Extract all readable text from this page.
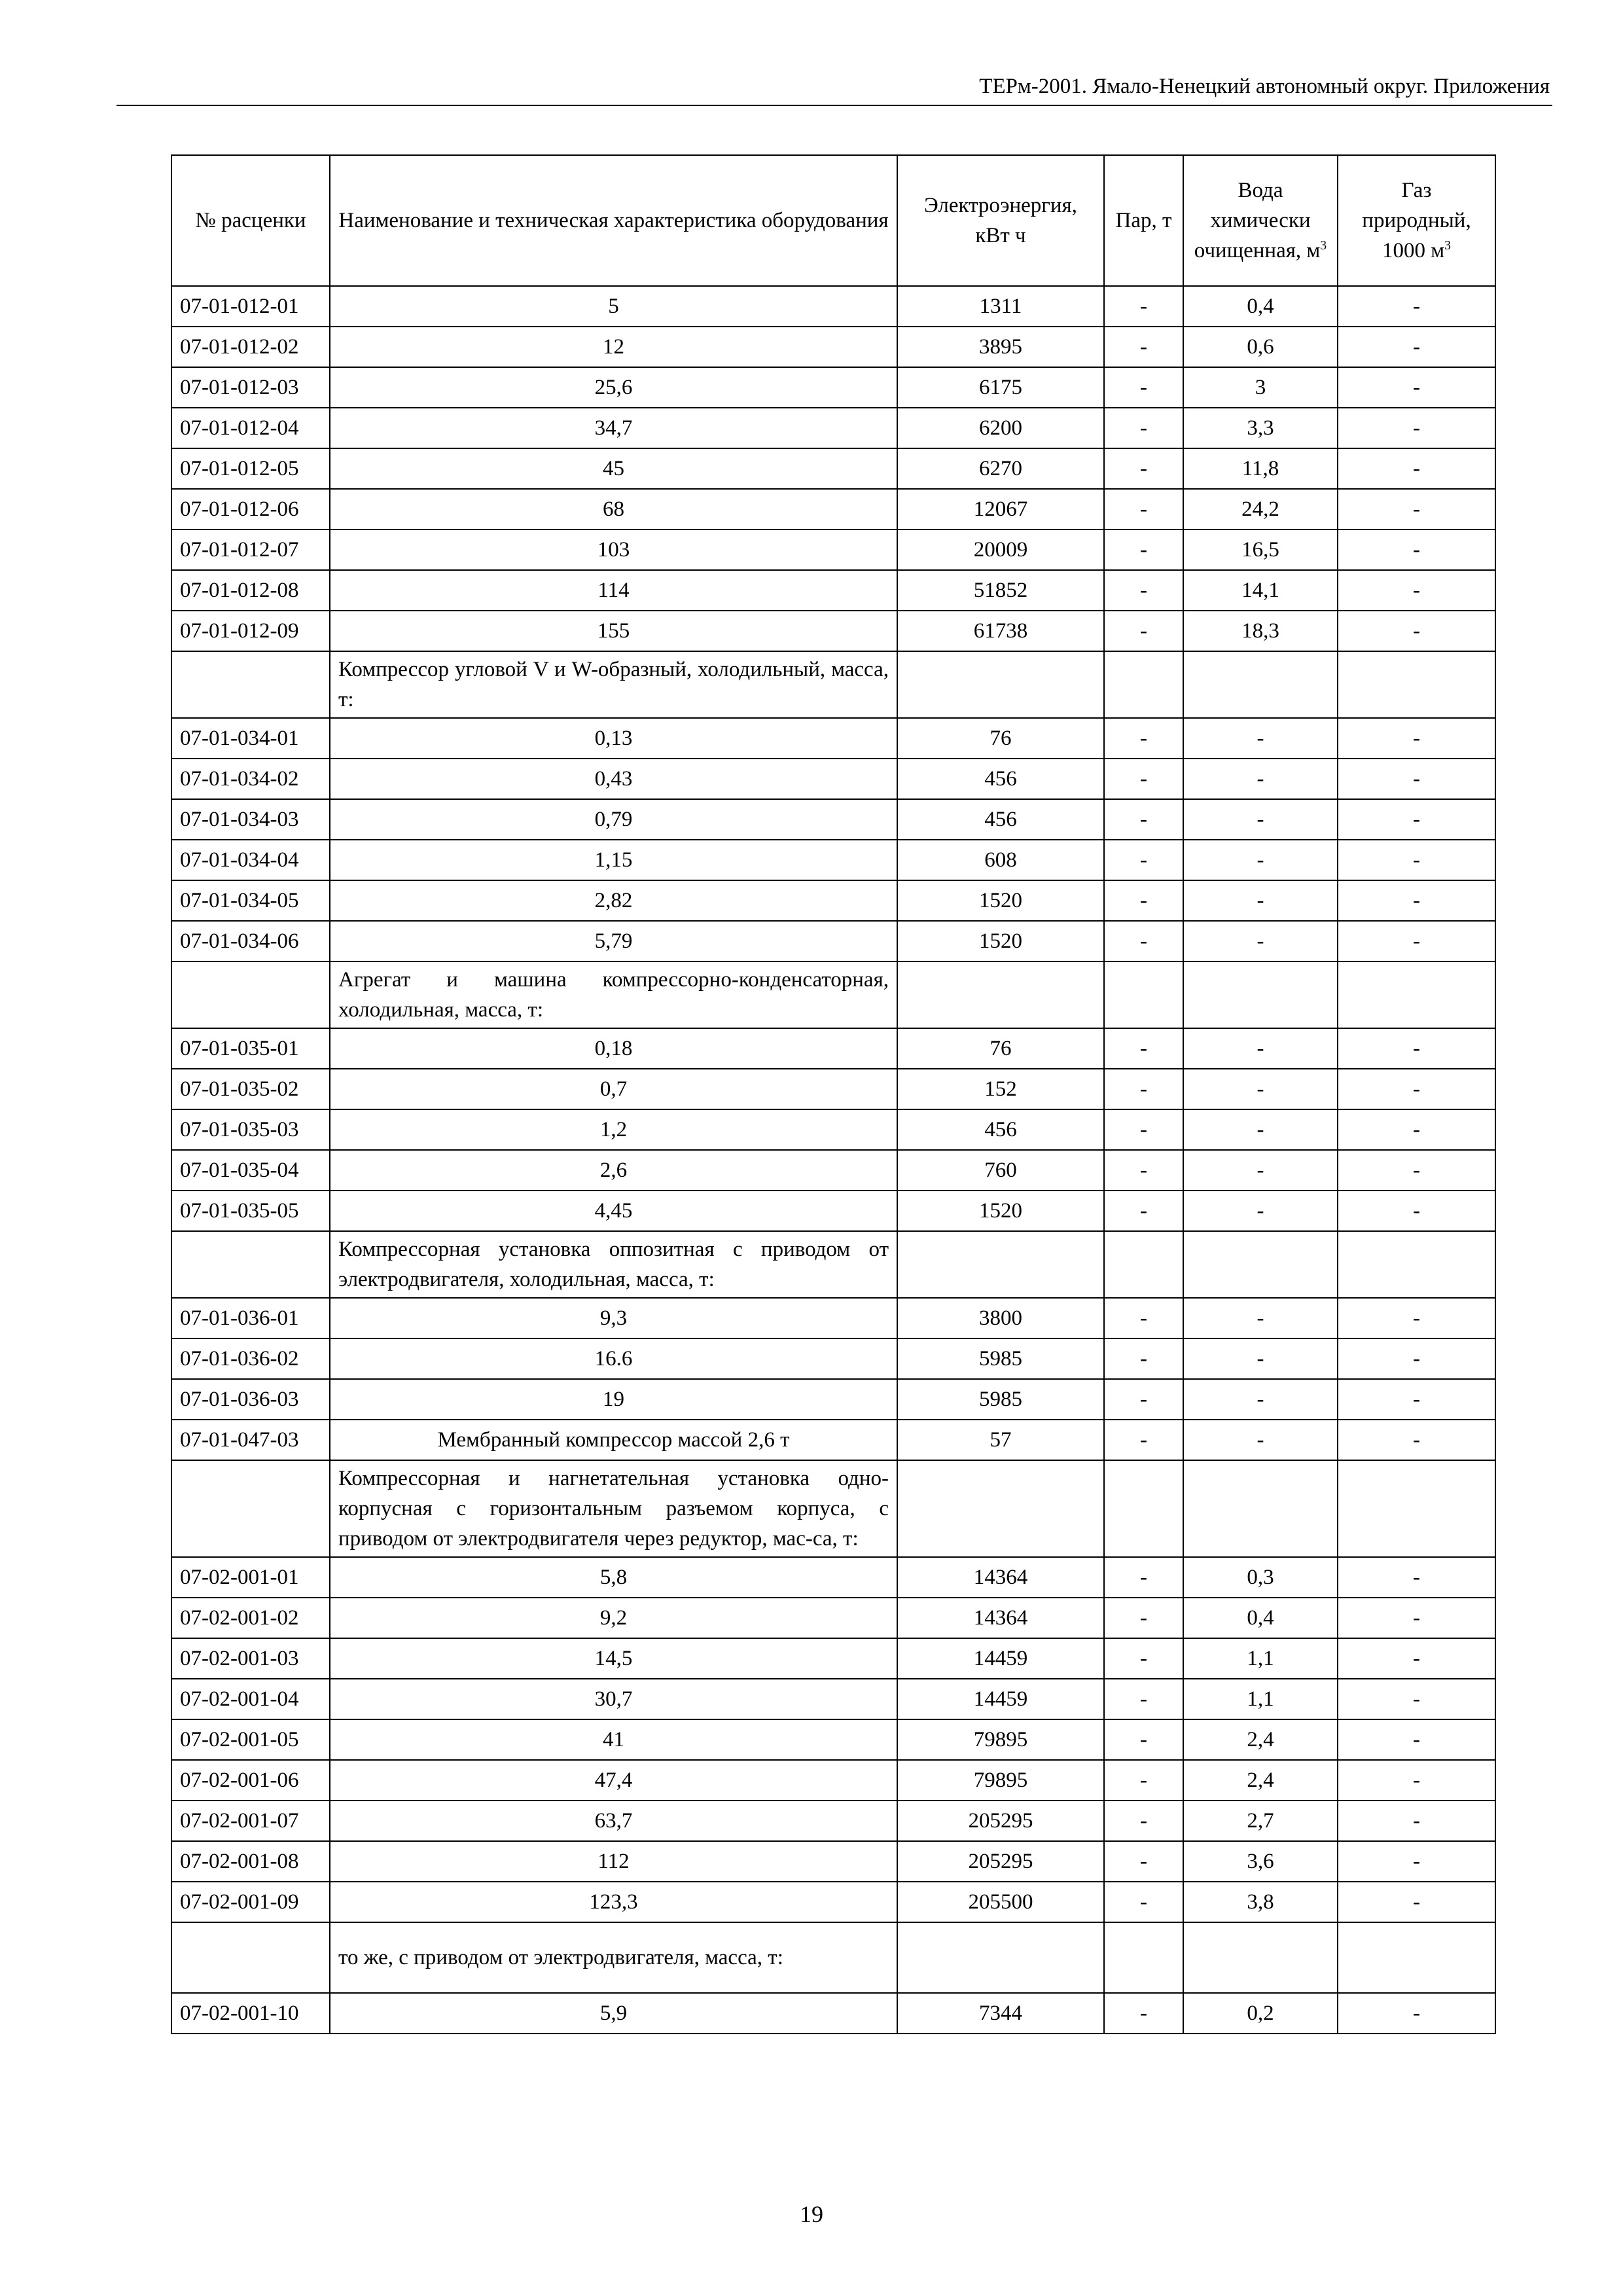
ТЕРм-2001. Ямало-Ненецкий автономный округ. Приложения
№ расценки	Наименование и техническая характеристика оборудования	Электроэнергия, кВт ч	Пар, т	Вода химически очищенная, $м^3$	Газ природный, 1000 $м^3$
07-01-012-01	5	1311	-	0,4	-
07-01-012-02	12	3895	-	0,6	-
07-01-012-03	25,6	6175	-	3	-
07-01-012-04	34,7	6200	-	3,3	-
07-01-012-05	45	6270	-	11,8	-
07-01-012-06	68	12067	-	24,2	-
07-01-012-07	103	20009	-	16,5	-
07-01-012-08	114	51852	-	14,1	-
07-01-012-09	155	61738	-	18,3	-
	Компрессор угловой V и W-образный, холодильный, масса, т:				
07-01-034-01	0,13	76	-	-	-
07-01-034-02	0,43	456	-	-	-
07-01-034-03	0,79	456	-	-	-
07-01-034-04	1,15	608	-	-	-
07-01-034-05	2,82	1520	-	-	-
07-01-034-06	5,79	1520	-	-	-
	Агрегат и машина компрессорно-конденсаторная, холодильная, масса, т:				
07-01-035-01	0,18	76	-	-	-
07-01-035-02	0,7	152	-	-	-
07-01-035-03	1,2	456	-	-	-
07-01-035-04	2,6	760	-	-	-
07-01-035-05	4,45	1520	-	-	-
	Компрессорная установка оппозитная с приводом от электродвигателя, холодильная, масса, т:				
07-01-036-01	9,3	3800	-	-	-
07-01-036-02	16.6	5985	-	-	-
07-01-036-03	19	5985	-	-	-
07-01-047-03	Мембранный компрессор массой 2,6 т	57	-	-	-
	Компрессорная и нагнетательная установка одно-корпусная с горизонтальным разъемом корпуса, с приводом от электродвигателя через редуктор, мас-са, т:				
07-02-001-01	5,8	14364	-	0,3	-
07-02-001-02	9,2	14364	-	0,4	-
07-02-001-03	14,5	14459	-	1,1	-
07-02-001-04	30,7	14459	-	1,1	-
07-02-001-05	41	79895	-	2,4	-
07-02-001-06	47,4	79895	-	2,4	-
07-02-001-07	63,7	205295	-	2,7	-
07-02-001-08	112	205295	-	3,6	-
07-02-001-09	123,3	205500	-	3,8	-
	то же, с приводом от электродвигателя, масса, т:				
07-02-001-10	5,9	7344	-	0,2	-
19
